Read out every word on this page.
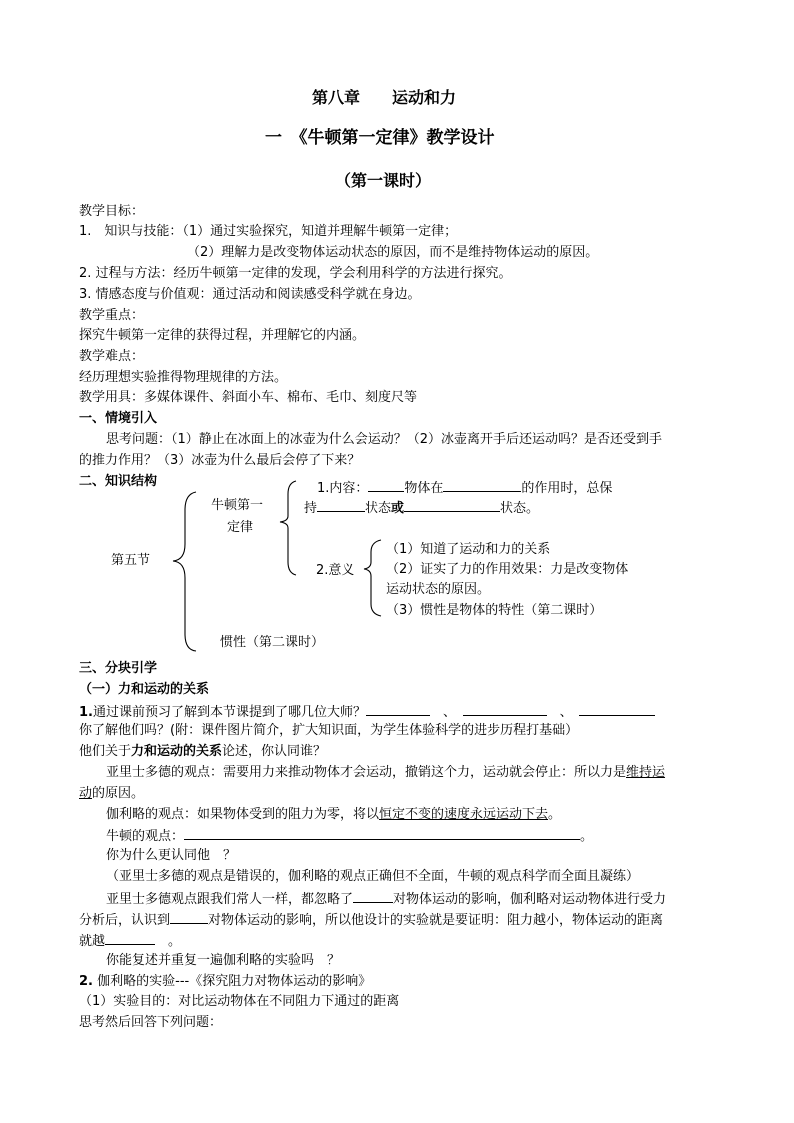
第八章　　运动和力
一　《牛顿第一定律》教学设计
（第一课时）
教学目标：
1.　知识与技能：（1）通过实验探究，知道并理解牛顿第一定律；
（2）理解力是改变物体运动状态的原因，而不是维持物体运动的原因。
2. 过程与方法：经历牛顿第一定律的发现，学会利用科学的方法进行探究。
3. 情感态度与价值观：通过活动和阅读感受科学就在身边。
教学重点：
探究牛顿第一定律的获得过程，并理解它的内涵。
教学难点：
经历理想实验推得物理规律的方法。
教学用具：多媒体课件、斜面小车、棉布、毛巾、刻度尺等
一、情境引入
思考问题：（1）静止在冰面上的冰壶为什么会运动？（2）冰壶离开手后还运动吗？是否还受到手
的推力作用？（3）冰壶为什么最后会停了下来？
二、知识结构
第五节
牛顿第一
定律
1.内容：	物体在	的作用时，总保
持	状态或	状态。
2.意义
（1）知道了运动和力的关系
（2）证实了力的作用效果：力是改变物体
运动状态的原因。
（3）惯性是物体的特性（第二课时）
惯性（第二课时）
三、分块引学
（一）力和运动的关系
1.通过课前预习了解到本节课提到了哪几位大师？　	、　　	、　
你了解他们吗？(附：课件图片简介，扩大知识面，为学生体验科学的进步历程打基础）
他们关于力和运动的关系论述，你认同谁？
亚里士多德的观点：需要用力来推动物体才会运动，撤销这个力，运动就会停止：所以力是维持运
动的原因。
伽利略的观点：如果物体受到的阻力为零，将以恒定不变的速度永远运动下去。
牛顿的观点：	。
你为什么更认同他　？
（亚里士多德的观点是错误的，伽利略的观点正确但不全面，牛顿的观点科学而全面且凝练）
亚里士多德观点跟我们常人一样，都忽略了	对物体运动的影响，伽利略对运动物体进行受力
分析后，认识到	对物体运动的影响，所以他设计的实验就是要证明：阻力越小，物体运动的距离
就越　	。
你能复述并重复一遍伽利略的实验吗　？
2. 伽利略的实验---《探究阻力对物体运动的影响》
（1）实验目的：对比运动物体在不同阻力下通过的距离
思考然后回答下列问题：
